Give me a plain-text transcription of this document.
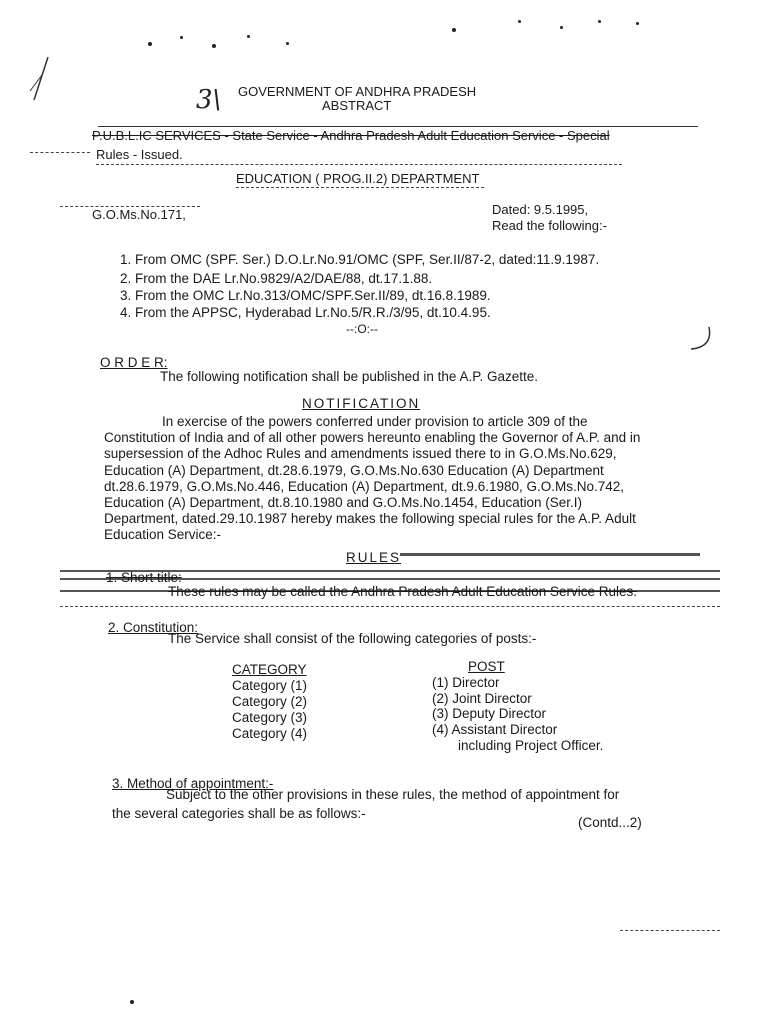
3\ GOVERNMENT OF ANDHRA PRADESH
ABSTRACT
P.U.B.L.IC SERVICES - State Service - Andhra Pradesh Adult Education Service - Special
Rules - Issued.
EDUCATION ( PROG.II.2) DEPARTMENT
G.O.Ms.No.171,	Dated: 9.5.1995,
Read the following:-
1. From OMC (SPF. Ser.) D.O.Lr.No.91/OMC (SPF, Ser.II/87-2, dated:11.9.1987.
2. From the DAE Lr.No.9829/A2/DAE/88, dt.17.1.88.
3. From the OMC Lr.No.313/OMC/SPF.Ser.II/89, dt.16.8.1989.
4. From the APPSC, Hyderabad Lr.No.5/R.R./3/95, dt.10.4.95.
--:O:--
O R D E R:
The following notification shall be published in the A.P. Gazette.
NOTIFICATION
In exercise of the powers conferred under provision to article 309 of the
Constitution of India and of all other powers hereunto enabling the Governor of A.P. and in
supersession of the Adhoc Rules and amendments issued there to in G.O.Ms.No.629,
Education (A) Department, dt.28.6.1979, G.O.Ms.No.630 Education (A) Department
dt.28.6.1979, G.O.Ms.No.446, Education (A) Department, dt.9.6.1980, G.O.Ms.No.742,
Education (A) Department, dt.8.10.1980 and G.O.Ms.No.1454, Education (Ser.I)
Department, dated.29.10.1987 hereby makes the following special rules for the A.P. Adult
Education Service:-
RULES
1. Short title:
These rules may be called the Andhra Pradesh Adult Education Service Rules.
2. Constitution:
The Service shall consist of the following categories of posts:-
CATEGORY
Category (1)
Category (2)
Category (3)
Category (4)
POST
(1) Director
(2) Joint Director
(3) Deputy Director
(4) Assistant Director
including Project Officer.
3. Method of appointment:-
Subject to the other provisions in these rules, the method of appointment for
the several categories shall be as follows:-
(Contd...2)
